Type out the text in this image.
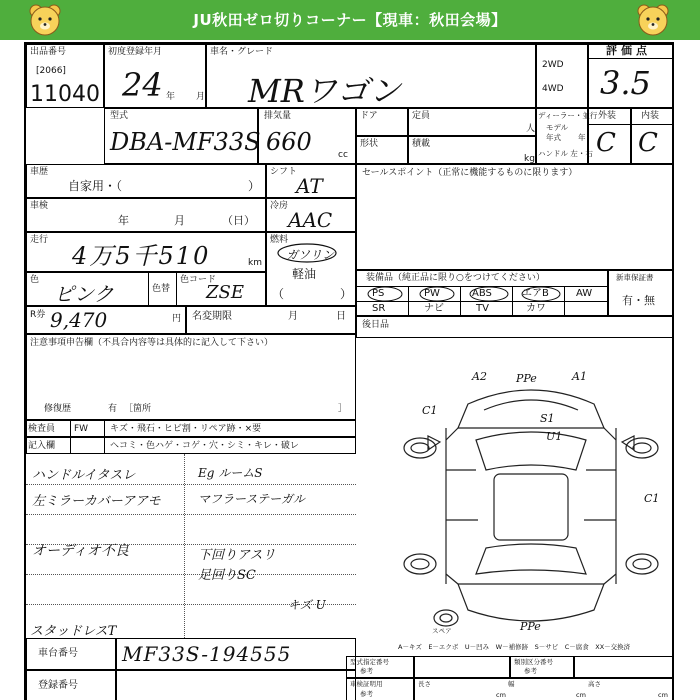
JU秋田ゼロ切りコーナー【現車：秋田会場】
出品番号
[2066]
11040
初度登録年月
24 年 月
車名・グレード
MRワゴン
2WD
4WD
評価点
3.5
型式
DBA-MF33S
排気量
660	cc
ドア	定員
人
形状	積載
kg
ディーラー・並行
モデル
年式 年
ハンドル 左・右
外装	内装
C C
車歴
自家用・（	）
シフト
AT
車検
年	月	（日）
冷房
AAC
走行
4万5千510	km
燃料
ガソリン
軽油
（	）
色
ピンク	色替
色コード
ZSE
R券 9,470	円 名変期限	月	日
注意事項申告欄（不具合内容等は具体的に記入して下さい）
修復歴	有 ［箇所	］
検査員 FW キズ・飛石・ヒビ割・リペア跡・×要
記入欄	ヘコミ・色ハゲ・コゲ・穴・シミ・キレ・破レ
ハンドルイタスレ
左ミラーカバーアアモ
オーディオ不良
スタッドレスT
Eg ルームS
マフラーステーガル
下回りアスリ
足回りSC
キズ U
セールスポイント（正常に機能するものに限ります）
装備品（純正品に限り○をつけてください）
PS	PW	ABS	エアB	AW
SR	ナビ	TV	カワ
新車保証書
有・無
後日品
A2	PPe	A1
C1
S1
U1
C1
PPe
スペア
A－キズ　E－エクボ　U－凹み　W－補修跡　S－サビ　C－腐食　XX－交換済
車台番号 MF33S-194555
登録番号
型式指定番号
参考
類別区分番号
参考
車検証明用
参考
長さ
cm
幅
cm
高さ
cm
